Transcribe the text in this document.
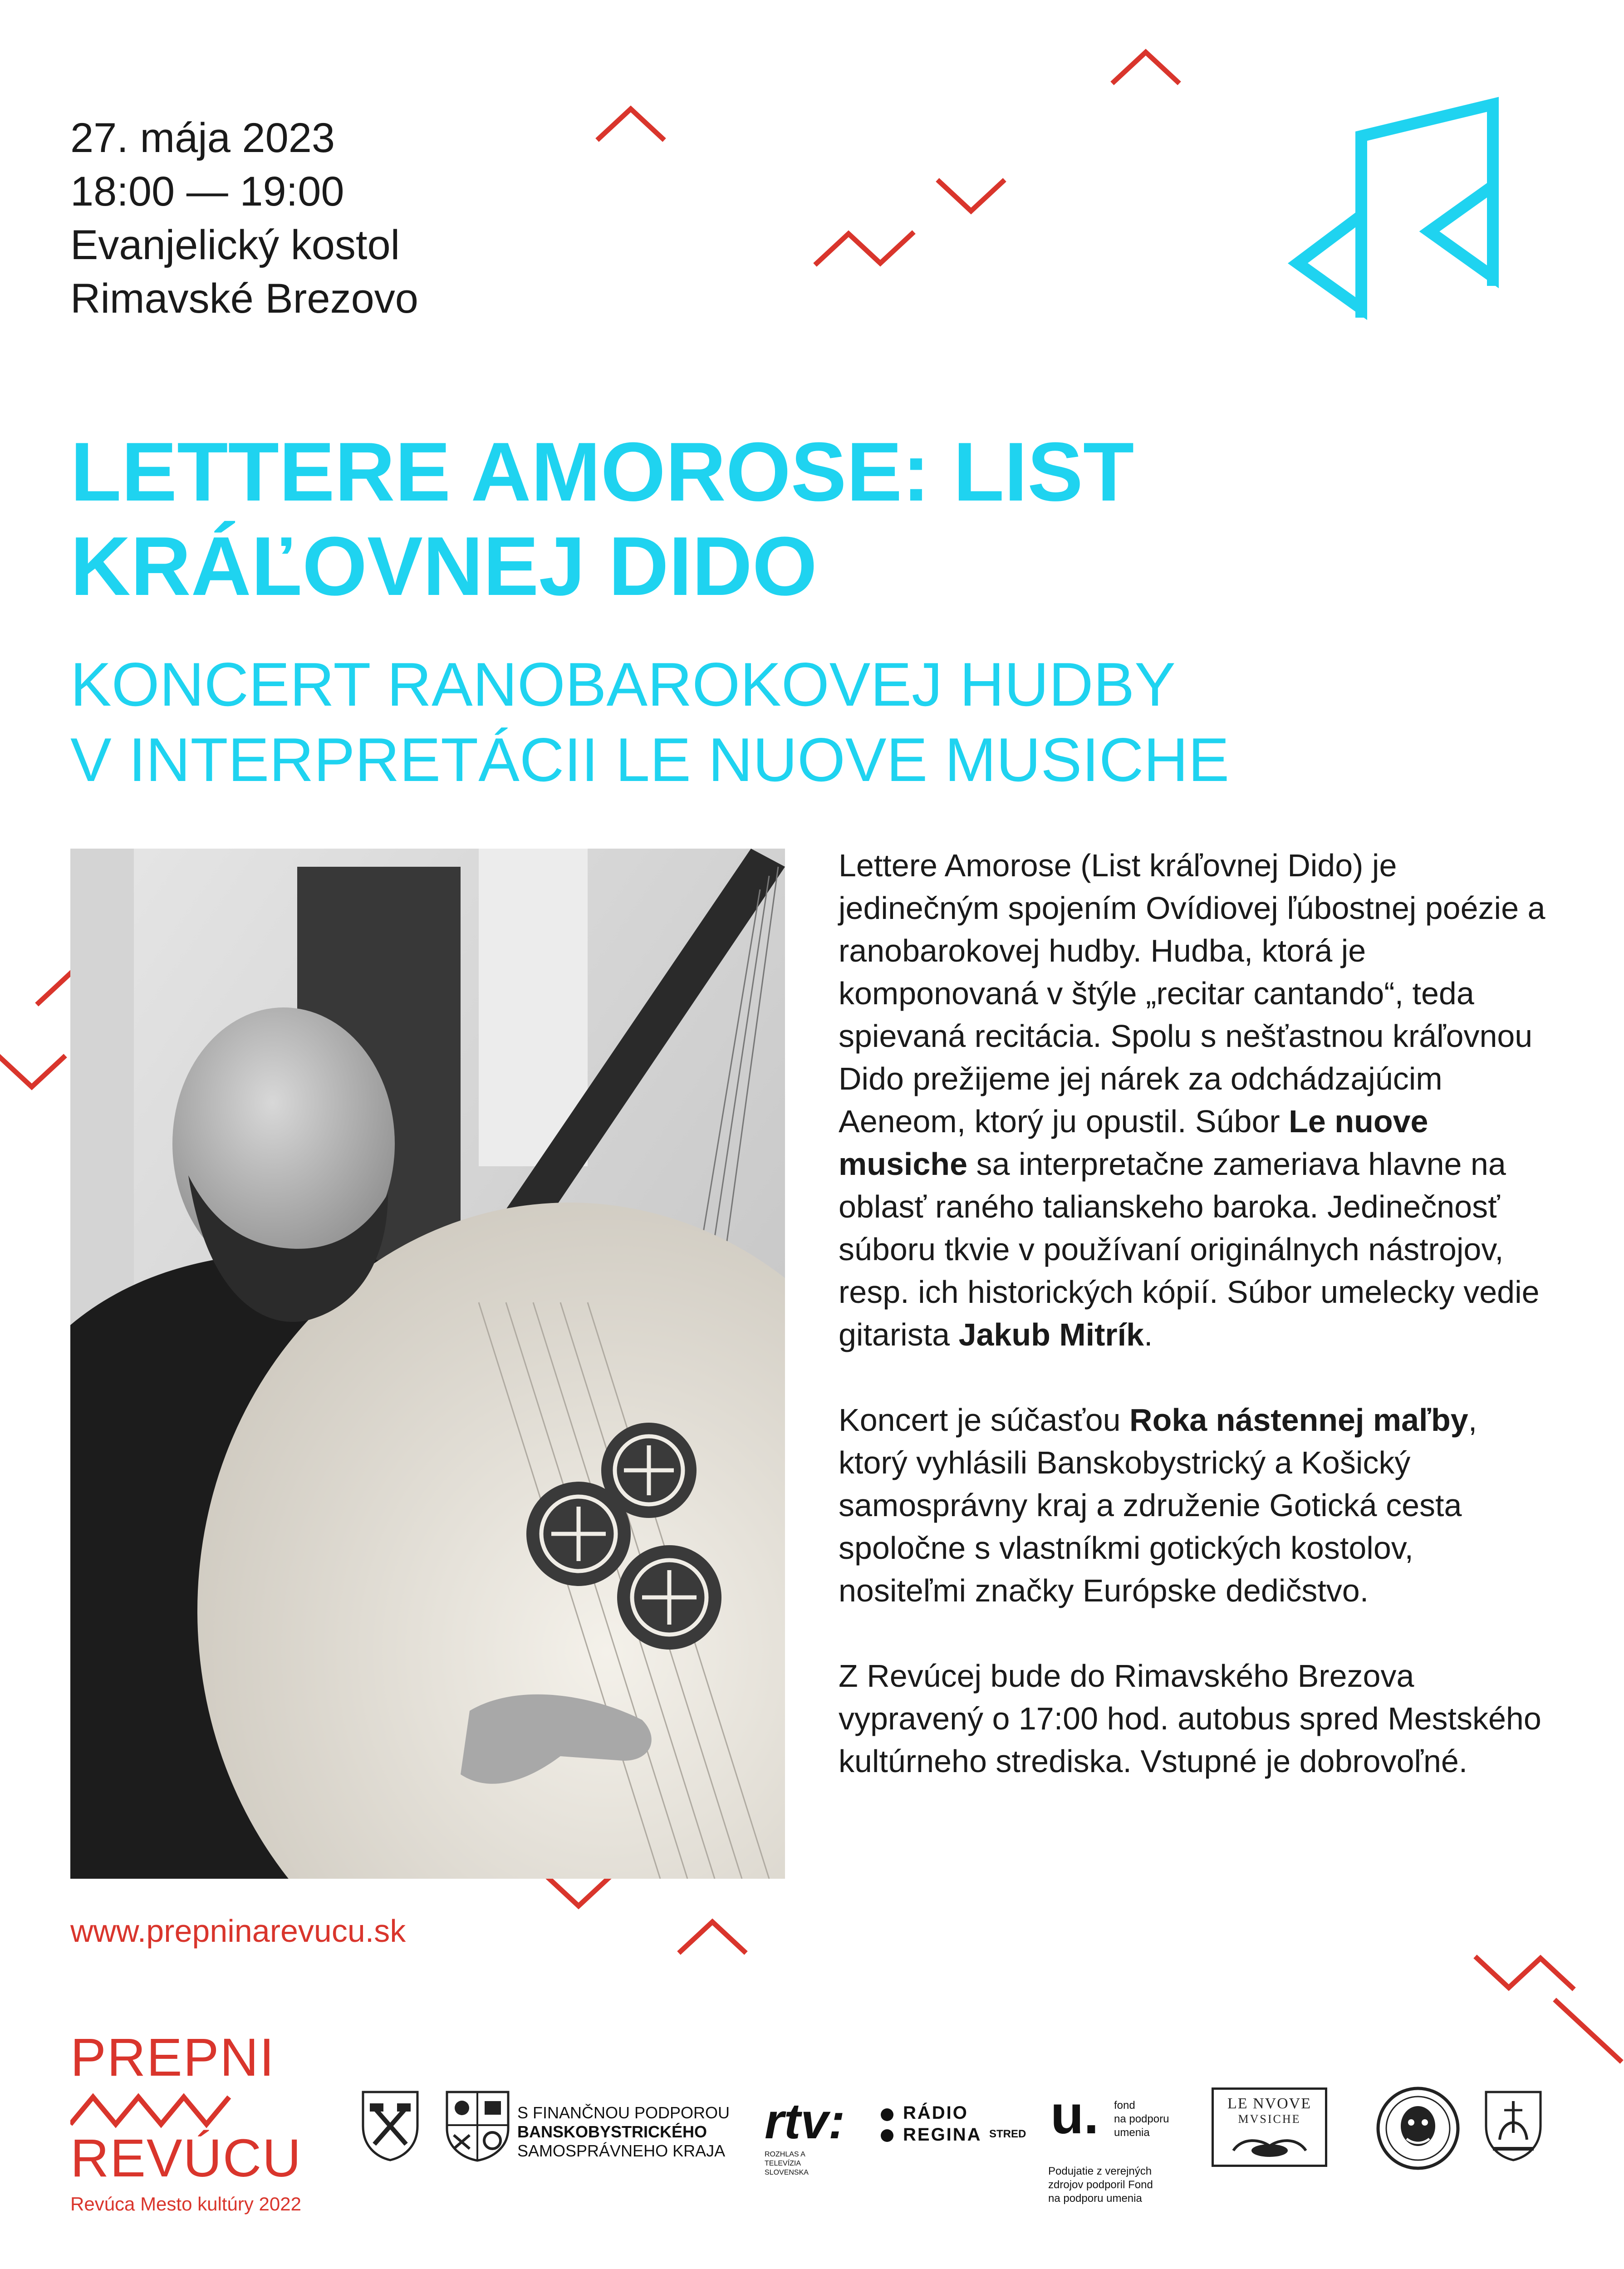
27. mája 2023
18:00 — 19:00
Evanjelický kostol
Rimavské Brezovo
LETTERE AMOROSE: LIST
KRÁĽOVNEJ DIDO
KONCERT RANOBAROKOVEJ HUDBY
V INTERPRETÁCII LE NUOVE MUSICHE

Lettere Amorose (List kráľovnej Dido) je jedinečným spojením Ovídiovej ľúbostnej poézie a ranobarokovej hudby. Hudba, ktorá je komponovaná v štýle „recitar cantando“, teda spievaná recitácia. Spolu s nešťastnou kráľovnou Dido prežijeme jej nárek za odchádzajúcim Aeneom, ktorý ju opustil. Súbor Le nuove musiche sa interpretačne zameriava hlavne na oblasť raného talianskeho baroka. Jedinečnosť súboru tkvie v používaní originálnych nástrojov, resp. ich historických kópií. Súbor umelecky vedie gitarista Jakub Mitrík.

Koncert je súčasťou Roka nástennej maľby, ktorý vyhlásili Banskobystrický a Košický samosprávny kraj a združenie Gotická cesta spoločne s vlastníkmi gotických kostolov, nositeľmi značky Európske dedičstvo.

Z Revúcej bude do Rimavského Brezova vypravený o 17:00 hod. autobus spred Mestského kultúrneho strediska. Vstupné je dobrovoľné.

www.prepninarevucu.sk
PREPNI
REVÚCU
Revúca Mesto kultúry 2022
S FINANČNOU PODPOROU
BANSKOBYSTRICKÉHO
SAMOSPRÁVNEHO KRAJA
rtv:
ROZHLAS A TELEVÍZIA SLOVENSKA
RÁDIO
REGINA STRED u. fond
na podporu
umenia
Podujatie z verejných
zdrojov podporil Fond
na podporu umenia
LE NVOVE
MVSICHE
